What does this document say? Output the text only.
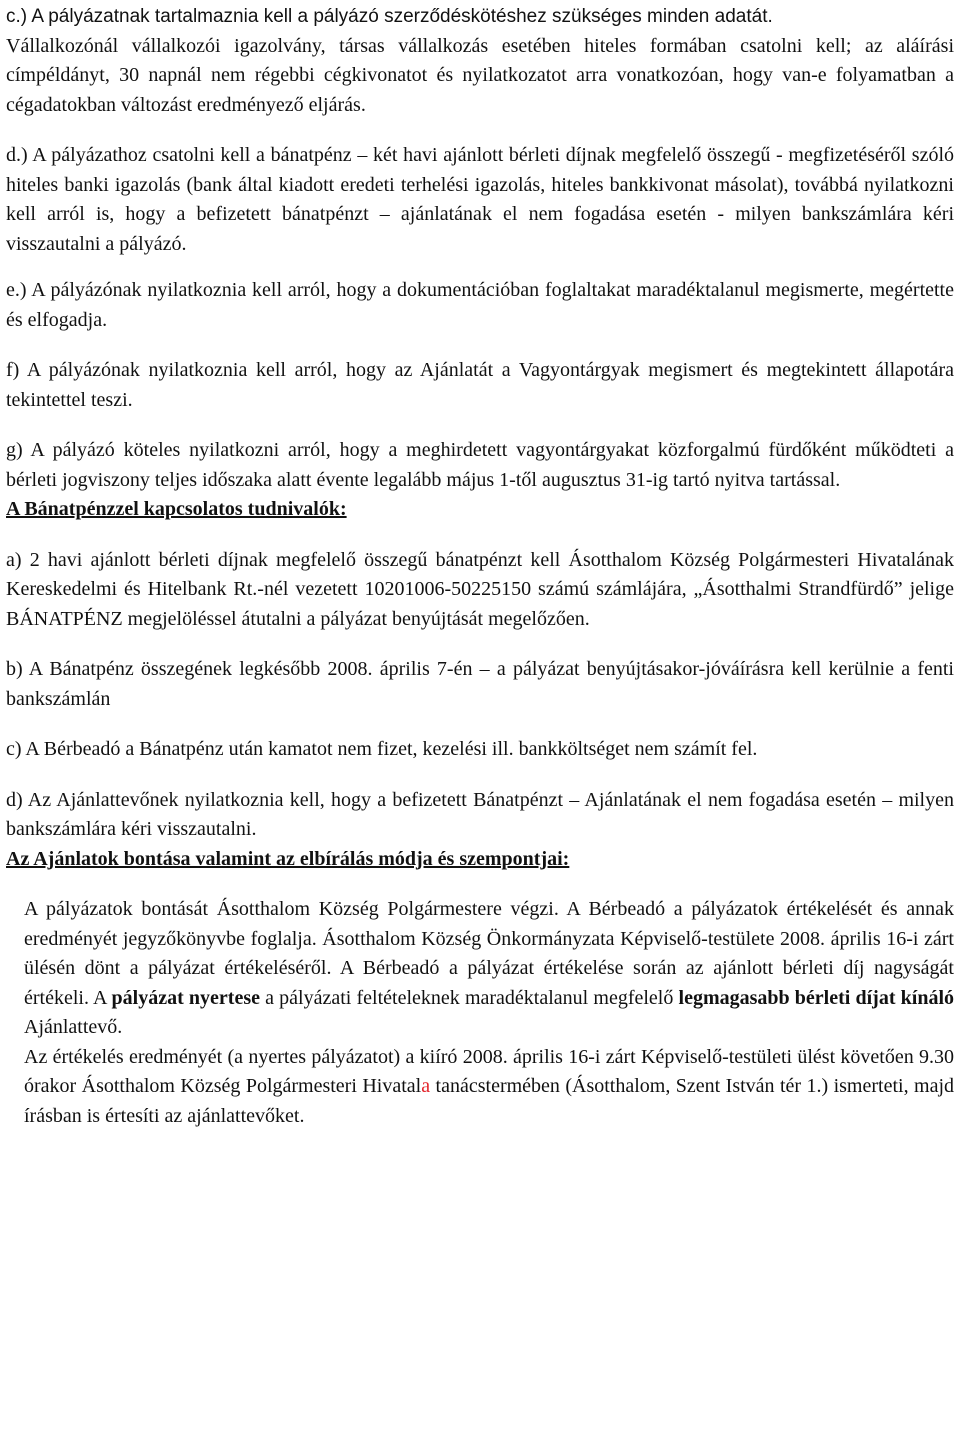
c.) A pályázatnak tartalmaznia kell a pályázó szerződéskötéshez szükséges minden adatát.

Vállalkozónál vállalkozói igazolvány, társas vállalkozás esetében hiteles formában csatolni kell; az aláírási címpéldányt, 30 napnál nem régebbi cégkivonatot és nyilatkozatot arra vonatkozóan, hogy van-e folyamatban a cégadatokban változást eredményező eljárás.

d.) A pályázathoz csatolni kell a bánatpénz – két havi ajánlott bérleti díjnak megfelelő összegű - megfizetéséről szóló hiteles banki igazolás (bank által kiadott eredeti terhelési igazolás, hiteles bankkivonat másolat), továbbá nyilatkozni kell arról is, hogy a befizetett bánatpénzt – ajánlatának el nem fogadása esetén - milyen bankszámlára kéri visszautalni a pályázó.

e.) A pályázónak nyilatkoznia kell arról, hogy a dokumentációban foglaltakat maradéktalanul megismerte, megértette és elfogadja.

f) A pályázónak nyilatkoznia kell arról, hogy az Ajánlatát a Vagyontárgyak megismert és megtekintett állapotára tekintettel teszi.

g) A pályázó köteles nyilatkozni arról, hogy a meghirdetett vagyontárgyakat közforgalmú fürdőként működteti a bérleti jogviszony teljes időszaka alatt évente legalább május 1-től augusztus 31-ig tartó nyitva tartással.

A Bánatpénzzel kapcsolatos tudnivalók:

a) 2 havi ajánlott bérleti díjnak megfelelő összegű bánatpénzt kell Ásotthalom Község Polgármesteri Hivatalának Kereskedelmi és Hitelbank Rt.-nél vezetett 10201006-50225150 számú számlájára, „Ásotthalmi Strandfürdő” jelige BÁNATPÉNZ megjelöléssel átutalni a pályázat benyújtását megelőzően.

b) A Bánatpénz összegének legkésőbb 2008. április 7-én – a pályázat benyújtásakor-jóváírásra kell kerülnie a fenti bankszámlán

c) A Bérbeadó a Bánatpénz után kamatot nem fizet, kezelési ill. bankköltséget nem számít fel.

d) Az Ajánlattevőnek nyilatkoznia kell, hogy a befizetett Bánatpénzt – Ajánlatának el nem fogadása esetén – milyen bankszámlára kéri visszautalni.

Az Ajánlatok bontása valamint az elbírálás módja és szempontjai:

A pályázatok bontását Ásotthalom Község Polgármestere végzi. A Bérbeadó a pályázatok értékelését és annak eredményét jegyzőkönyvbe foglalja. Ásotthalom Község Önkormányzata Képviselő-testülete 2008. április 16-i zárt ülésén dönt a pályázat értékeléséről. A Bérbeadó a pályázat értékelése során az ajánlott bérleti díj nagyságát értékeli. A pályázat nyertese a pályázati feltételeknek maradéktalanul megfelelő legmagasabb bérleti díjat kínáló Ajánlattevő.

Az értékelés eredményét (a nyertes pályázatot) a kiíró 2008. április 16-i zárt Képviselő-testületi ülést követően 9.30 órakor Ásotthalom Község Polgármesteri Hivatala tanácstermében (Ásotthalom, Szent István tér 1.) ismerteti, majd írásban is értesíti az ajánlattevőket.
